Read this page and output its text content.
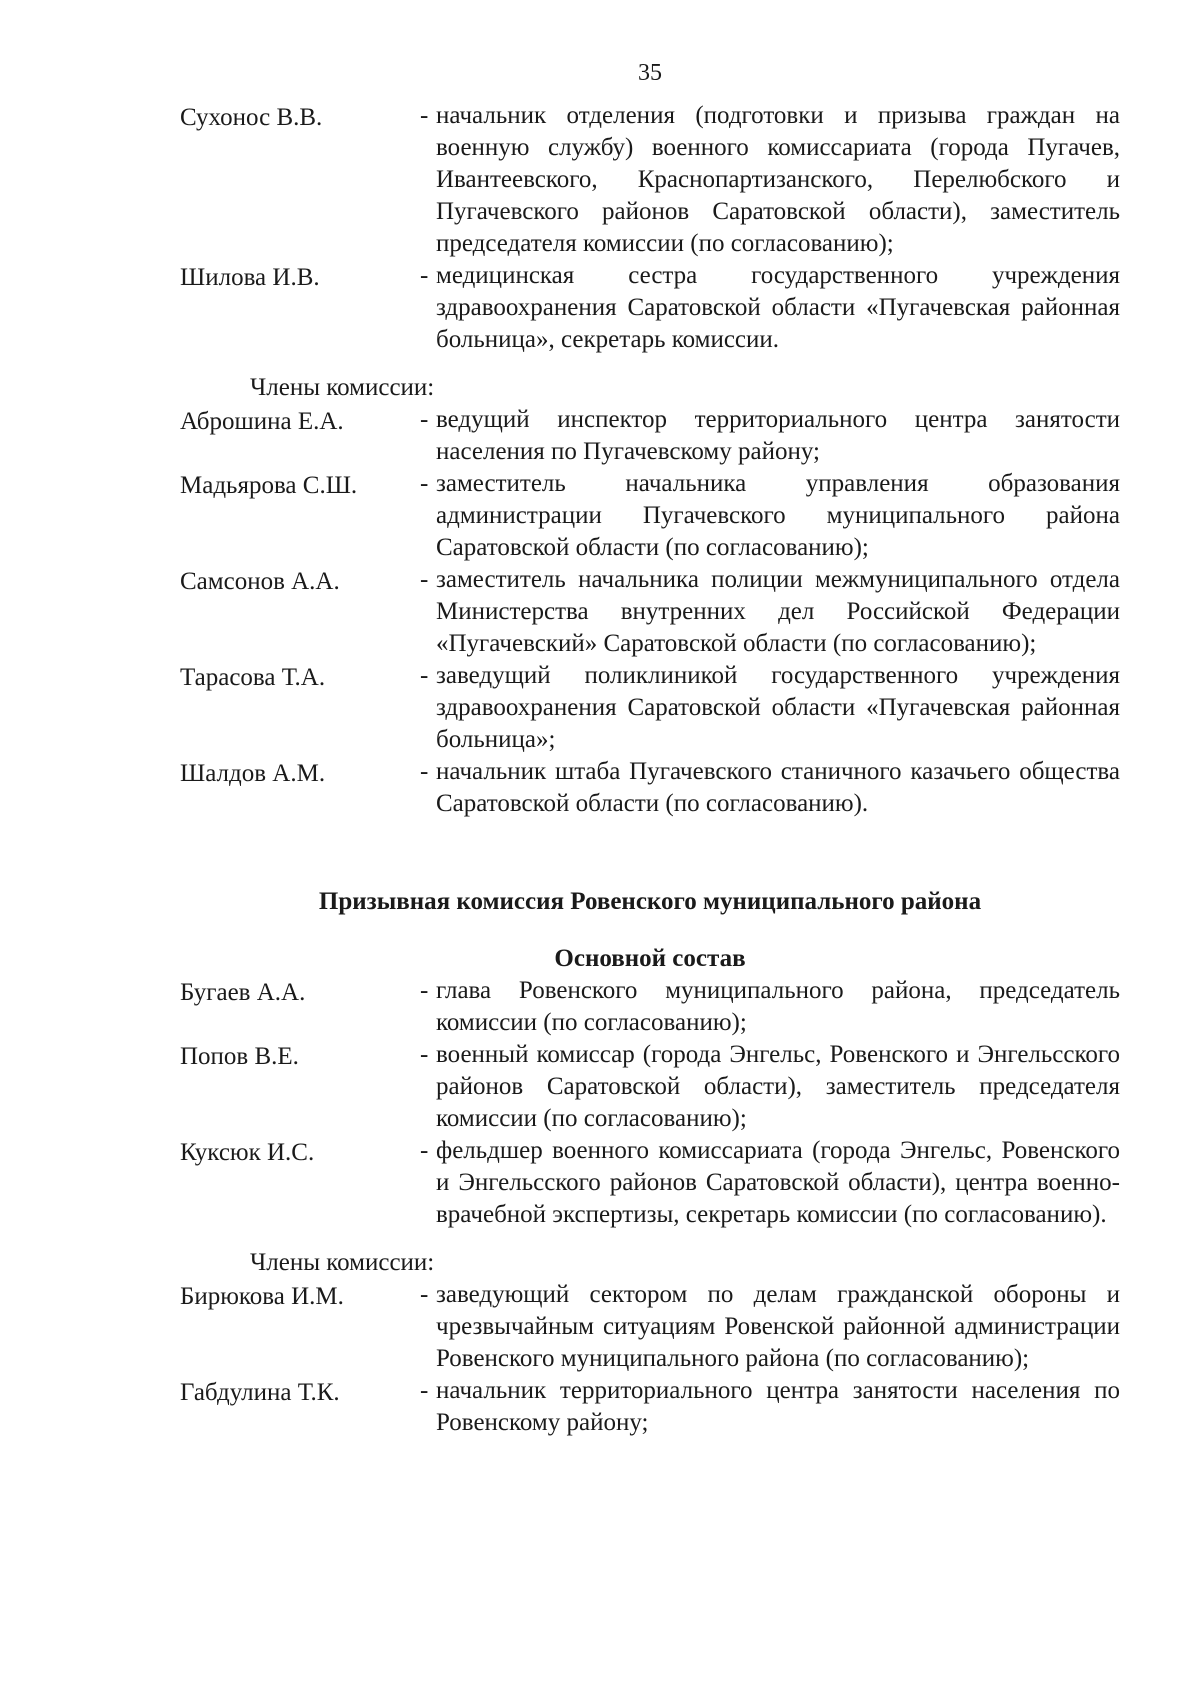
35
Сухонос В.В.	- начальник отделения (подготовки и призыва граждан на военную службу) военного комиссариата (города Пугачев, Ивантеевского, Краснопартизанского, Перелюбского и Пугачевского районов Саратовской области), заместитель председателя комиссии (по согласованию);
Шилова И.В.	- медицинская сестра государственного учреждения здравоохранения Саратовской области «Пугачевская районная больница», секретарь комиссии.
Члены комиссии:
Аброшина Е.А.	- ведущий инспектор территориального центра занятости населения по Пугачевскому району;
Мадьярова С.Ш.	- заместитель начальника управления образования администрации Пугачевского муниципального района Саратовской области (по согласованию);
Самсонов А.А.	- заместитель начальника полиции межмуниципального отдела Министерства внутренних дел Российской Федерации «Пугачевский» Саратовской области (по согласованию);
Тарасова Т.А.	- заведущий поликлиникой государственного учреждения здравоохранения Саратовской области «Пугачевская районная больница»;
Шалдов А.М.	- начальник штаба Пугачевского станичного казачьего общества Саратовской области (по согласованию).
Призывная комиссия Ровенского муниципального района
Основной состав
Бугаев А.А.	- глава Ровенского муниципального района, председатель комиссии (по согласованию);
Попов В.Е.	- военный комиссар (города Энгельс, Ровенского и Энгельсского районов Саратовской области), заместитель председателя комиссии (по согласованию);
Куксюк И.С.	- фельдшер военного комиссариата (города Энгельс, Ровенского и Энгельсского районов Саратовской области), центра военно-врачебной экспертизы, секретарь комиссии (по согласованию).
Члены комиссии:
Бирюкова И.М.	- заведующий сектором по делам гражданской обороны и чрезвычайным ситуациям Ровенской районной администрации Ровенского муниципального района (по согласованию);
Габдулина Т.К.	- начальник территориального центра занятости населения по Ровенскому району;
